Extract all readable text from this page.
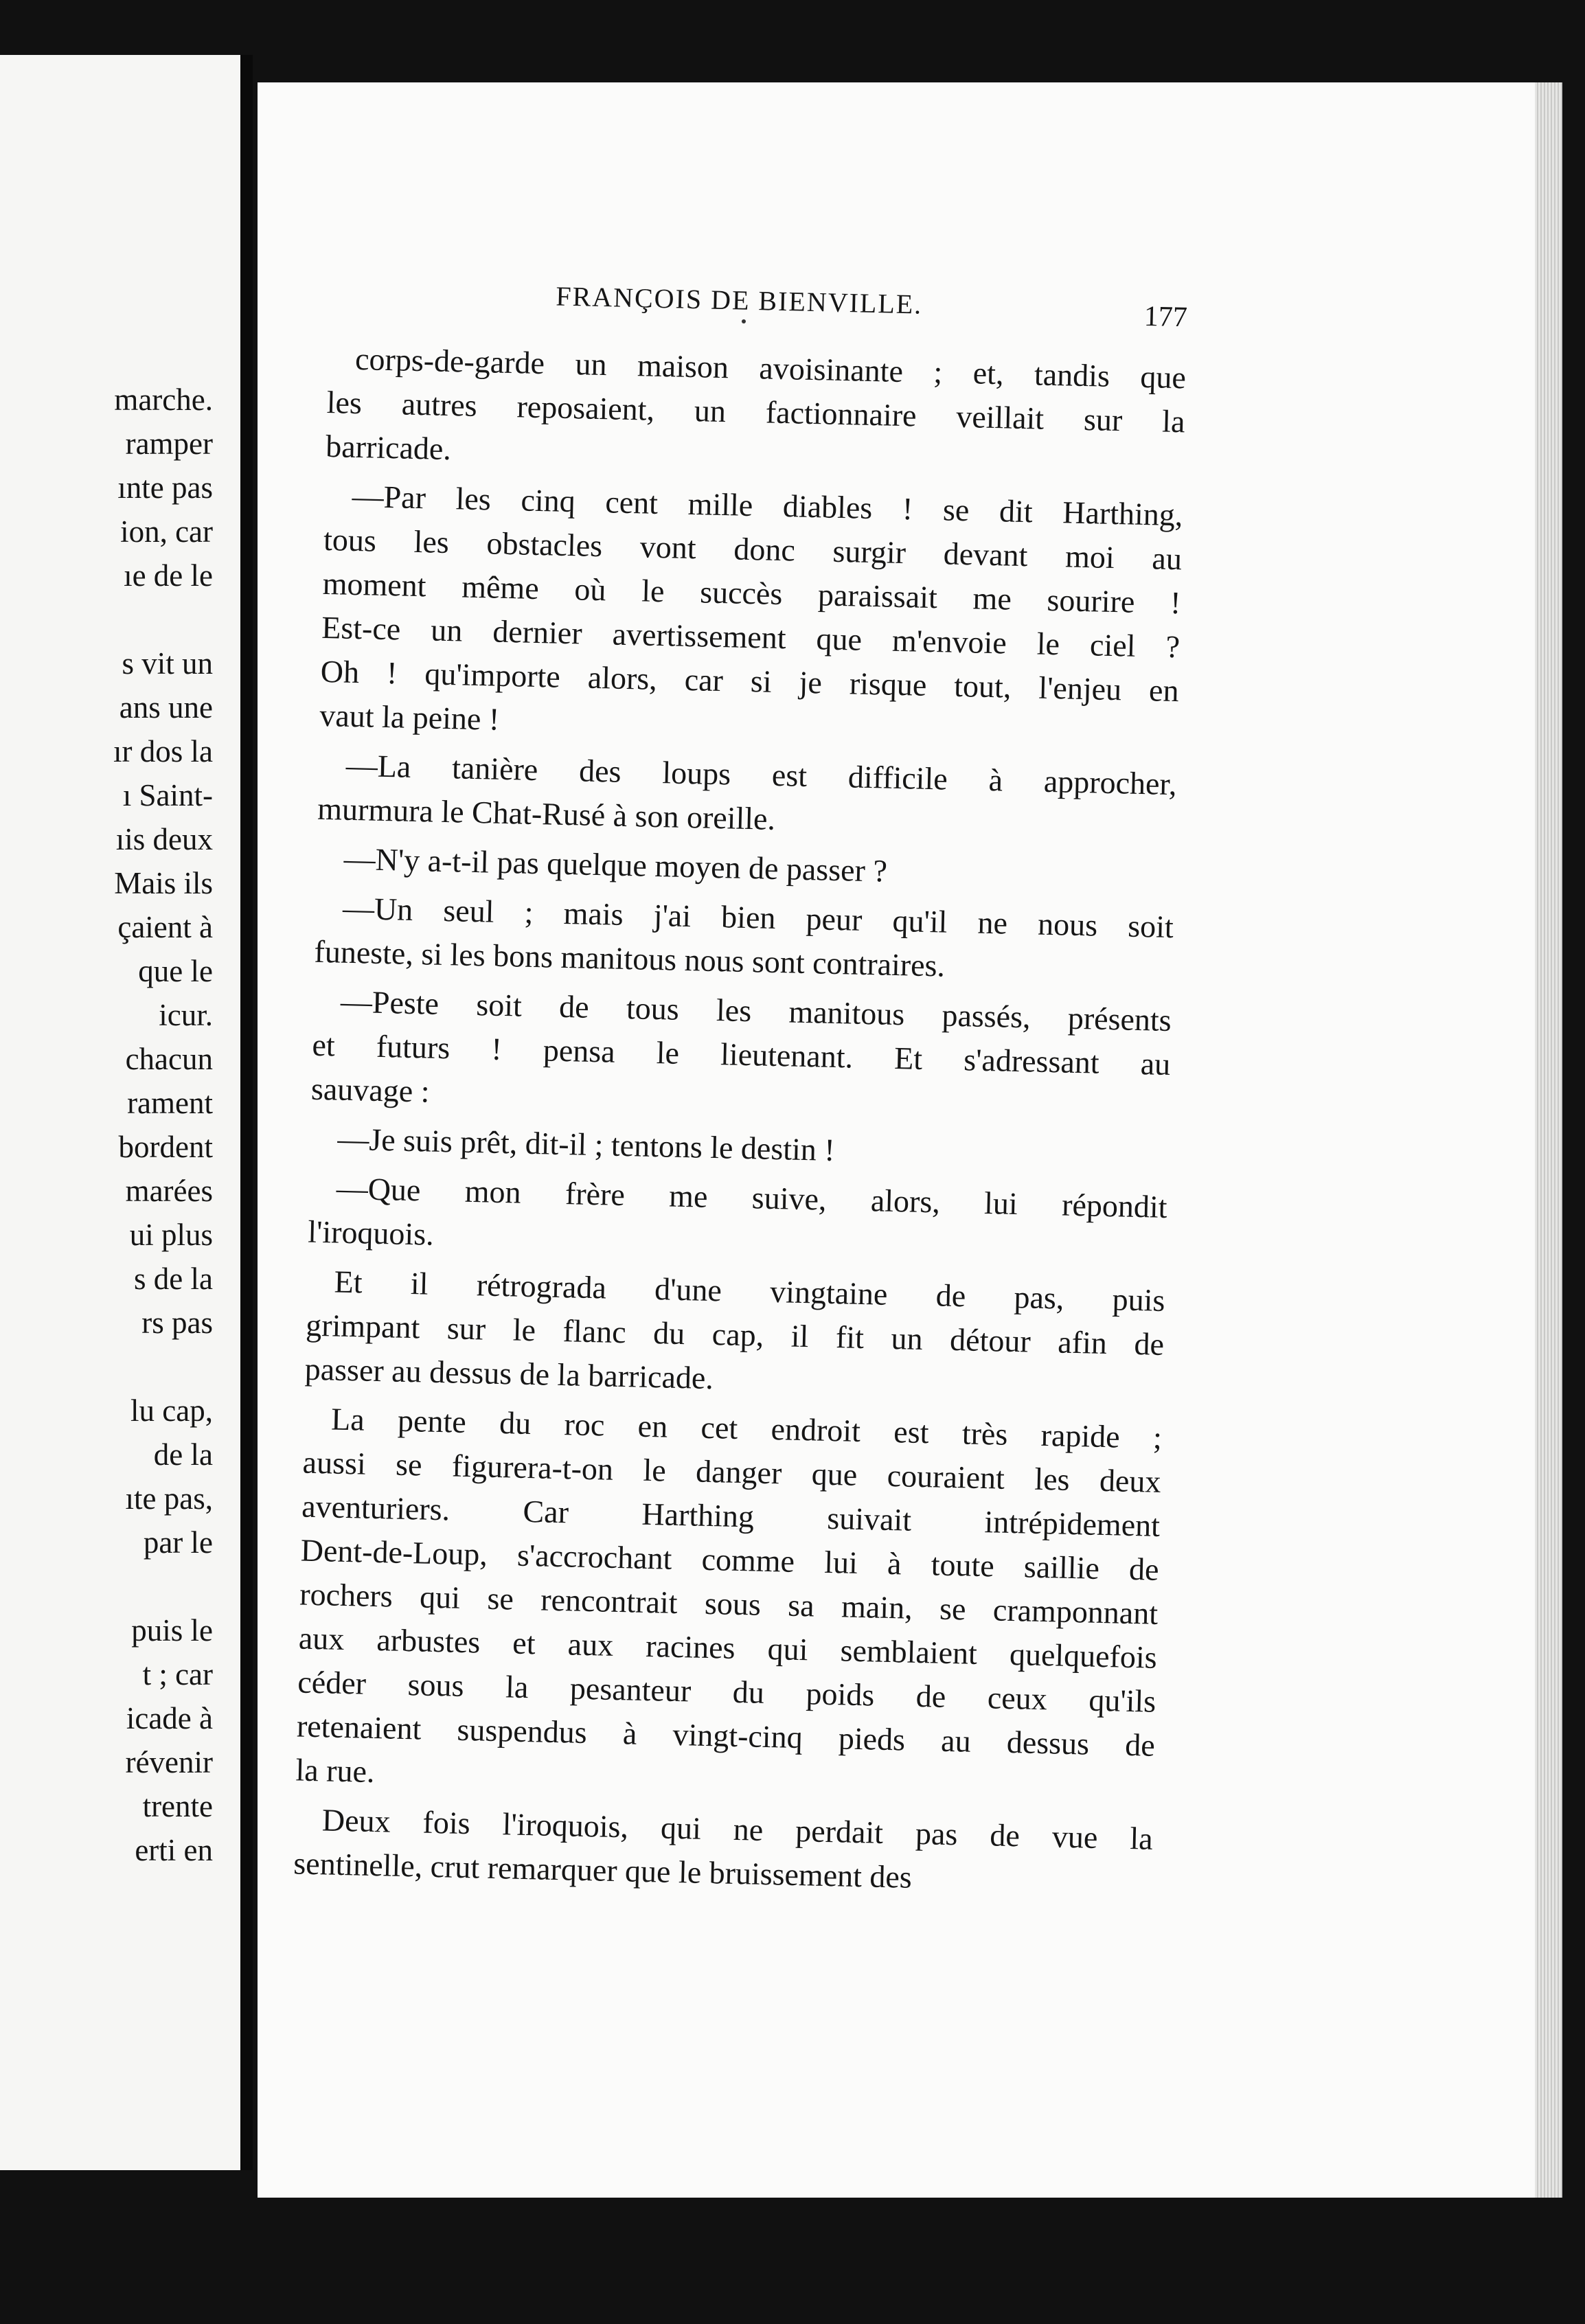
marche.
ramper
ınte pas
ion, car
ıe de le
s vit un
ans une
ır dos la
ı Saint-
ıis deux
Mais ils
çaient à
que le
icur.
chacun
rament
bordent
marées
ui plus
s de la
rs pas
lu cap,
de la
ıte pas,
par le
puis le
t ; car
icade à
révenir
trente
erti en
FRANÇOIS DE BIENVILLE.	177
corps-de-garde un maison avoisinante ; et, tandis que
les autres reposaient, un factionnaire veillait sur la
barricade.
—Par les cinq cent mille diables ! se dit Harthing,
tous les obstacles vont donc surgir devant moi au
moment même où le succès paraissait me sourire !
Est-ce un dernier avertissement que m'envoie le ciel ?
Oh ! qu'importe alors, car si je risque tout, l'enjeu en
vaut la peine !
—La tanière des loups est difficile à approcher,
murmura le Chat-Rusé à son oreille.
—N'y a-t-il pas quelque moyen de passer ?
—Un seul ; mais j'ai bien peur qu'il ne nous soit
funeste, si les bons manitous nous sont contraires.
—Peste soit de tous les manitous passés, présents
et futurs ! pensa le lieutenant. Et s'adressant au
sauvage :
—Je suis prêt, dit-il ; tentons le destin !
—Que mon frère me suive, alors, lui répondit
l'iroquois.
Et il rétrograda d'une vingtaine de pas, puis
grimpant sur le flanc du cap, il fit un détour afin de
passer au dessus de la barricade.
La pente du roc en cet endroit est très rapide ;
aussi se figurera-t-on le danger que couraient les deux
aventuriers. Car Harthing suivait intrépidement
Dent-de-Loup, s'accrochant comme lui à toute saillie de
rochers qui se rencontrait sous sa main, se cramponnant
aux arbustes et aux racines qui semblaient quelquefois
céder sous la pesanteur du poids de ceux qu'ils
retenaient suspendus à vingt-cinq pieds au dessus de
la rue.
Deux fois l'iroquois, qui ne perdait pas de vue la
sentinelle, crut remarquer que le bruissement des
